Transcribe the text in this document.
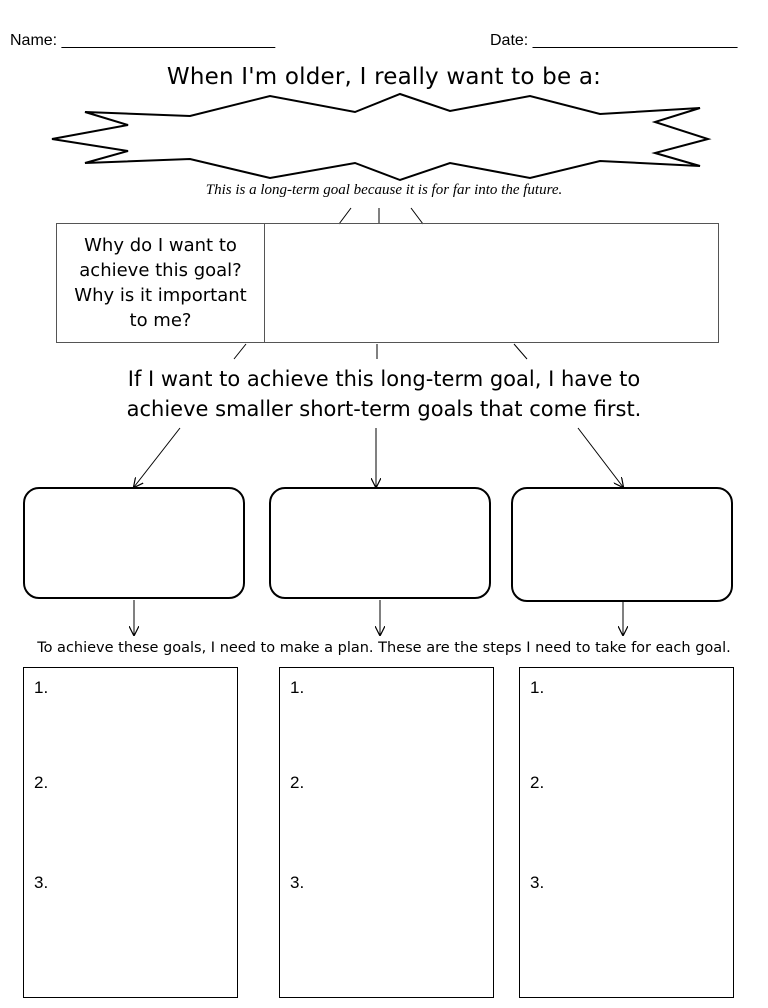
Name: ________________________	Date: _______________________
When I'm older, I really want to be a:
This is a long-term goal because it is for far into the future.
Why do I want to achieve this goal? Why is it important to me?
If I want to achieve this long-term goal, I have to
achieve smaller short-term goals that come first.
To achieve these goals, I need to make a plan. These are the steps I need to take for each goal.
1.
2.
3.
1.
2.
3.
1.
2.
3.
